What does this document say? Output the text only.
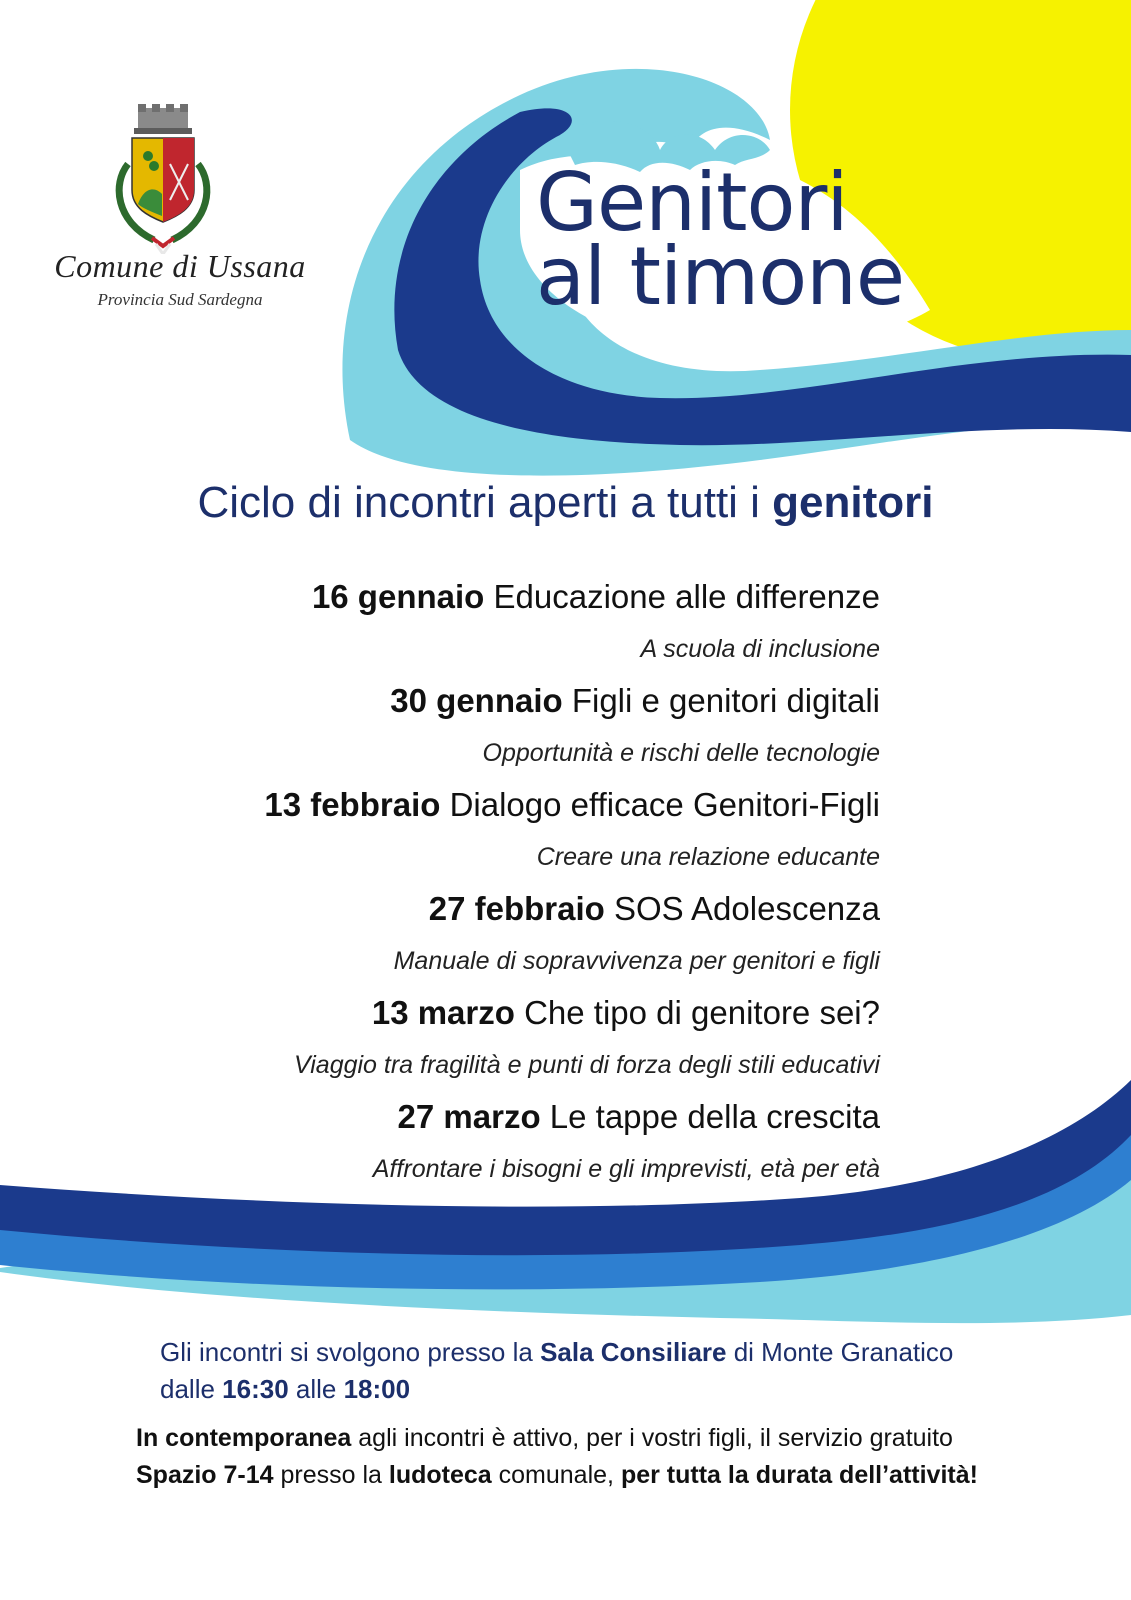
Comune di Ussana
Provincia Sud Sardegna
Genitori
al timone
Ciclo di incontri aperti a tutti i genitori
16 gennaio Educazione alle differenze
A scuola di inclusione
30 gennaio Figli e genitori digitali
Opportunità e rischi delle tecnologie
13 febbraio Dialogo efficace Genitori-Figli
Creare una relazione educante
27 febbraio SOS Adolescenza
Manuale di sopravvivenza per genitori e figli
13 marzo Che tipo di genitore sei?
Viaggio tra fragilità e punti di forza degli stili educativi
27 marzo Le tappe della crescita
Affrontare i bisogni e gli imprevisti, età per età
Gli incontri si svolgono presso la Sala Consiliare di Monte Granatico
dalle 16:30 alle 18:00
In contemporanea agli incontri è attivo, per i vostri figli, il servizio gratuito
Spazio 7-14 presso la ludoteca comunale, per tutta la durata dell’attività!
